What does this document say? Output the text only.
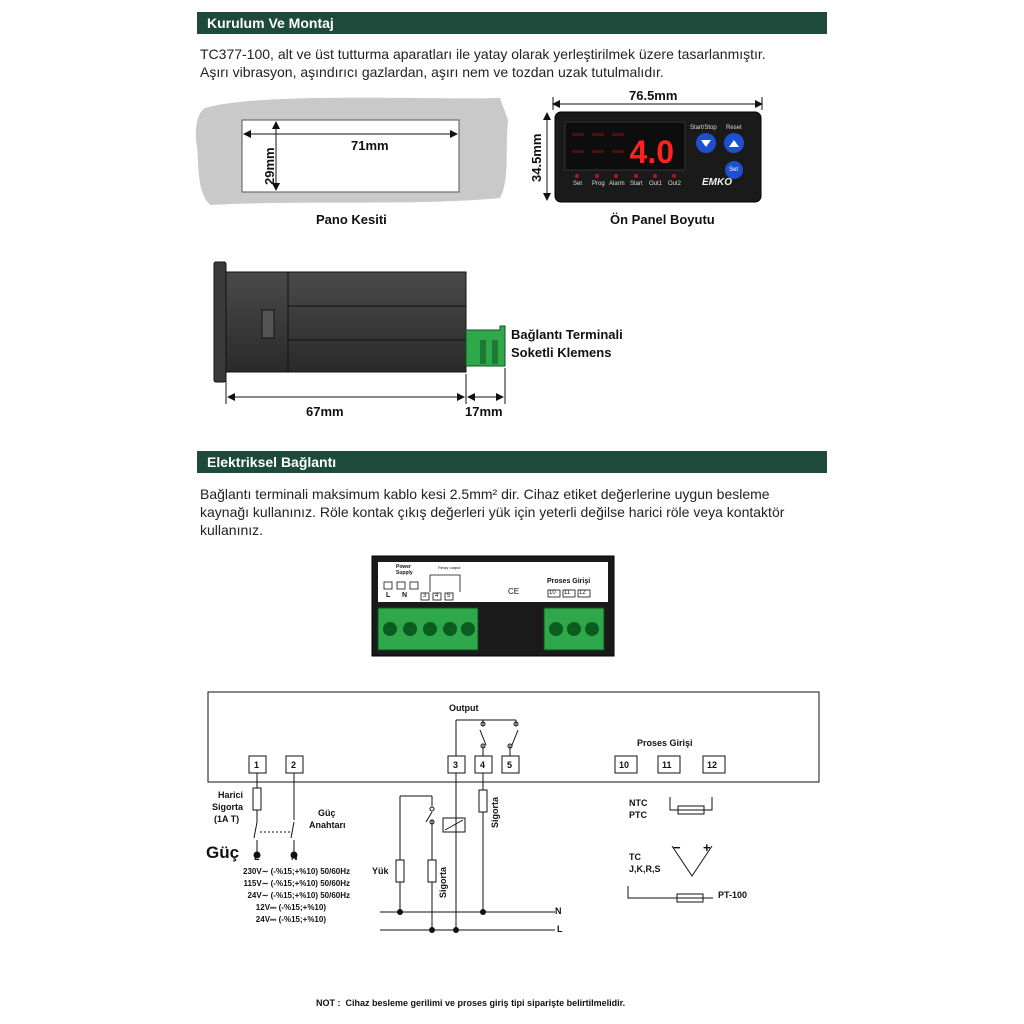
Kurulum Ve Montaj
TC377-100, alt ve üst tutturma aparatları ile yatay olarak yerleştirilmek üzere tasarlanmıştır.
Aşırı vibrasyon, aşındırıcı gazlardan, aşırı nem ve tozdan uzak tutulmalıdır.
4.0
71mm
29mm
Pano Kesiti
76.5mm
34.5mm
Start/Stop Reset
Set
Set Prog Alarm Start Out1 Out2 EMKO
Ön Panel Boyutu
Bağlantı Terminali
Soketli Klemens
67mm	17mm
Elektriksel Bağlantı
Bağlantı terminali maksimum kablo kesi 2.5mm² dir. Cihaz etiket değerlerine uygun besleme
kaynağı kullanınız. Röle kontak çıkış değerleri yük için yeterli değilse harici röle veya kontaktör
kullanınız.
Power Supply
Relay output
L N	3 4 5	CE
Proses Girişi
10 11 12
Output
Proses Girişi
1	2	3 4 5	10	11	12
Harici
Sigorta
(1A T)
Güç
Anahtarı
L	N
Güç
230V∼ (-%15;+%10) 50/60Hz
115V∼ (-%15;+%10) 50/60Hz
24V∼ (-%15;+%10) 50/60Hz
12V⎓ (-%15;+%10)
24V⎓ (-%15;+%10)
Yük	Sigorta
Sigorta
N
L
NTC
PTC
TC
J,K,R,S
− +
PT-100
NOT :  Cihaz besleme gerilimi ve proses giriş tipi siparişte belirtilmelidir.
